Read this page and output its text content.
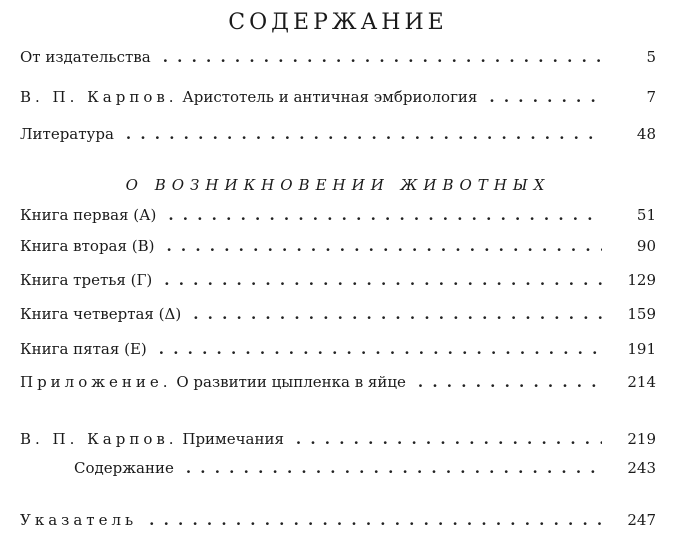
СОДЕРЖАНИЕ
От издательства . . .	5
В. П. Карпов. Аристотель и античная эмбриология . . .	7
Литература . . .	48
О ВОЗНИКНОВЕНИИ ЖИВОТНЫХ
Книга первая (А) . . .	51
Книга вторая (В) . . .	90
Книга третья (Г) . . .	129
Книга четвертая (Δ) . . .	159
Книга пятая (Е) . . .	191
Приложение. О развитии цыпленка в яйце . . .	214
В. П. Карпов. Примечания . . .	219
Содержание . . .	243
Указатель . . .	247
